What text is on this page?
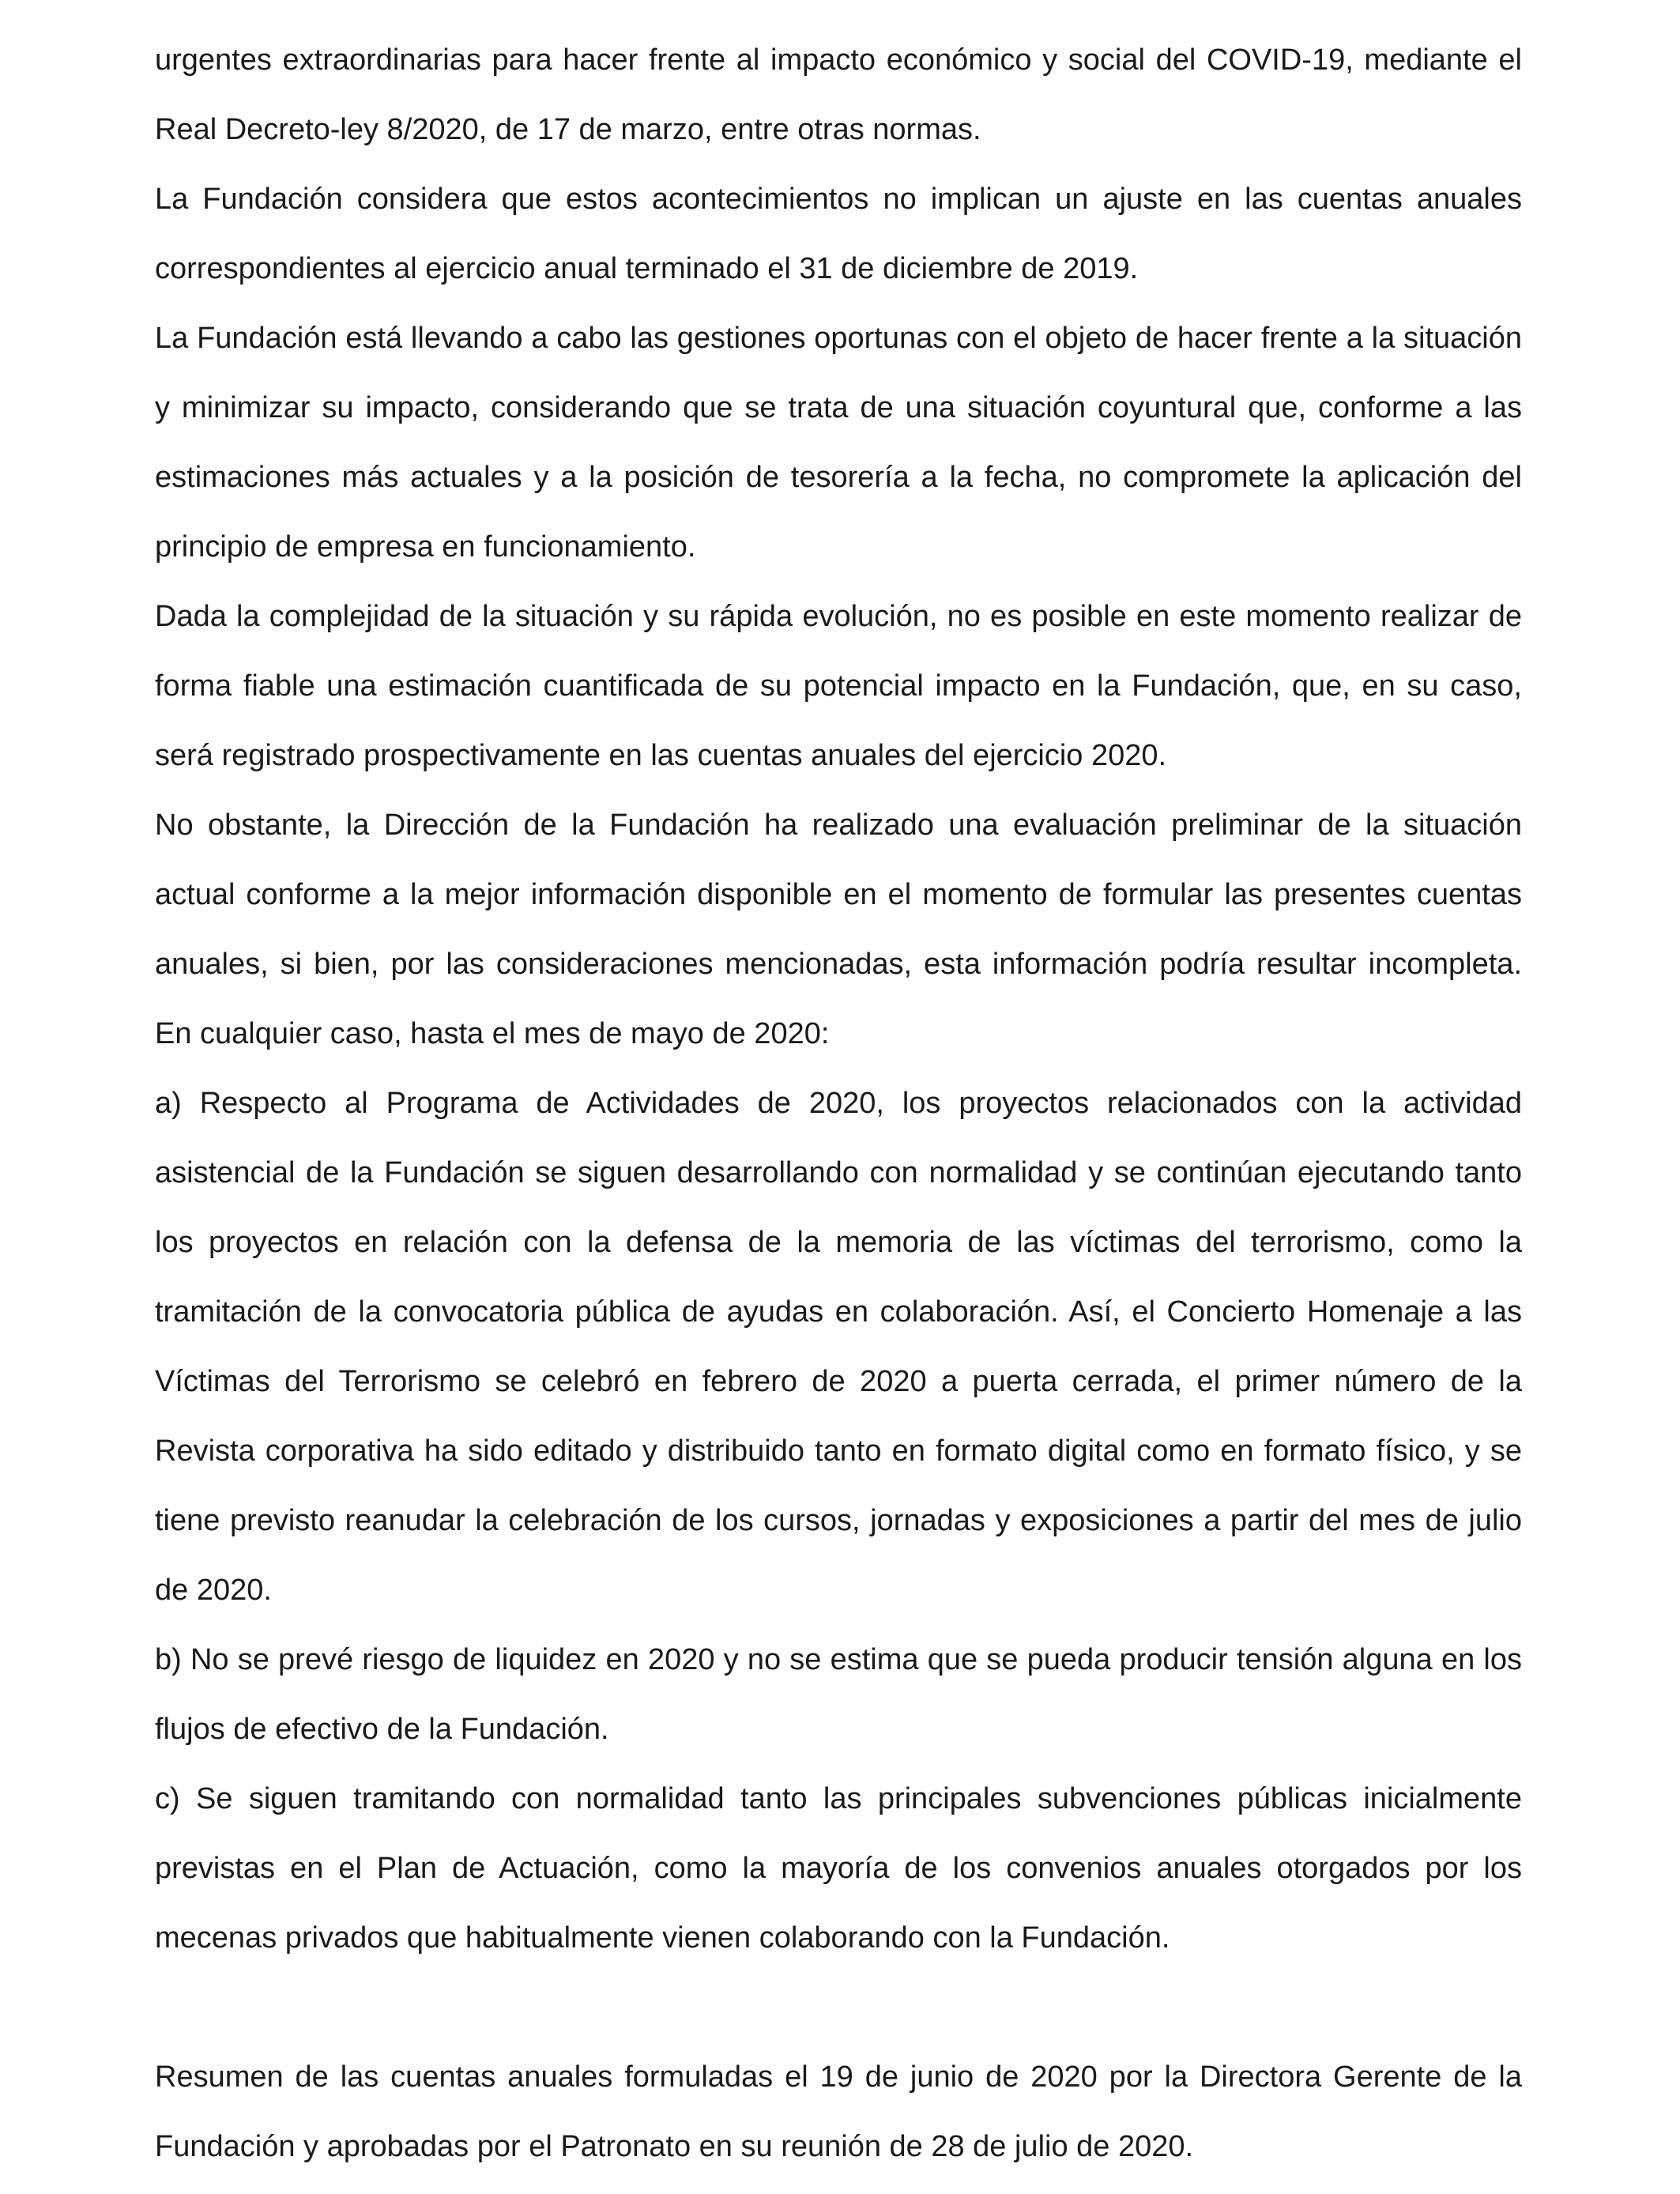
urgentes extraordinarias para hacer frente al impacto económico y social del COVID-19, mediante el Real Decreto-ley 8/2020, de 17 de marzo, entre otras normas.

La Fundación considera que estos acontecimientos no implican un ajuste en las cuentas anuales correspondientes al ejercicio anual terminado el 31 de diciembre de 2019.

La Fundación está llevando a cabo las gestiones oportunas con el objeto de hacer frente a la situación y minimizar su impacto, considerando que se trata de una situación coyuntural que, conforme a las estimaciones más actuales y a la posición de tesorería a la fecha, no compromete la aplicación del principio de empresa en funcionamiento.

Dada la complejidad de la situación y su rápida evolución, no es posible en este momento realizar de forma fiable una estimación cuantificada de su potencial impacto en la Fundación, que, en su caso, será registrado prospectivamente en las cuentas anuales del ejercicio 2020.

No obstante, la Dirección de la Fundación ha realizado una evaluación preliminar de la situación actual conforme a la mejor información disponible en el momento de formular las presentes cuentas anuales, si bien, por las consideraciones mencionadas, esta información podría resultar incompleta. En cualquier caso, hasta el mes de mayo de 2020:

a) Respecto al Programa de Actividades de 2020, los proyectos relacionados con la actividad asistencial de la Fundación se siguen desarrollando con normalidad y se continúan ejecutando tanto los proyectos en relación con la defensa de la memoria de las víctimas del terrorismo, como la tramitación de la convocatoria pública de ayudas en colaboración. Así, el Concierto Homenaje a las Víctimas del Terrorismo se celebró en febrero de 2020 a puerta cerrada, el primer número de la Revista corporativa ha sido editado y distribuido tanto en formato digital como en formato físico, y se tiene previsto reanudar la celebración de los cursos, jornadas y exposiciones a partir del mes de julio de 2020.

b) No se prevé riesgo de liquidez en 2020 y no se estima que se pueda producir tensión alguna en los flujos de efectivo de la Fundación.

c) Se siguen tramitando con normalidad tanto las principales subvenciones públicas inicialmente previstas en el Plan de Actuación, como la mayoría de los convenios anuales otorgados por los mecenas privados que habitualmente vienen colaborando con la Fundación.

Resumen de las cuentas anuales formuladas el 19 de junio de 2020 por la Directora Gerente de la Fundación y aprobadas por el Patronato en su reunión de 28 de julio de 2020.
